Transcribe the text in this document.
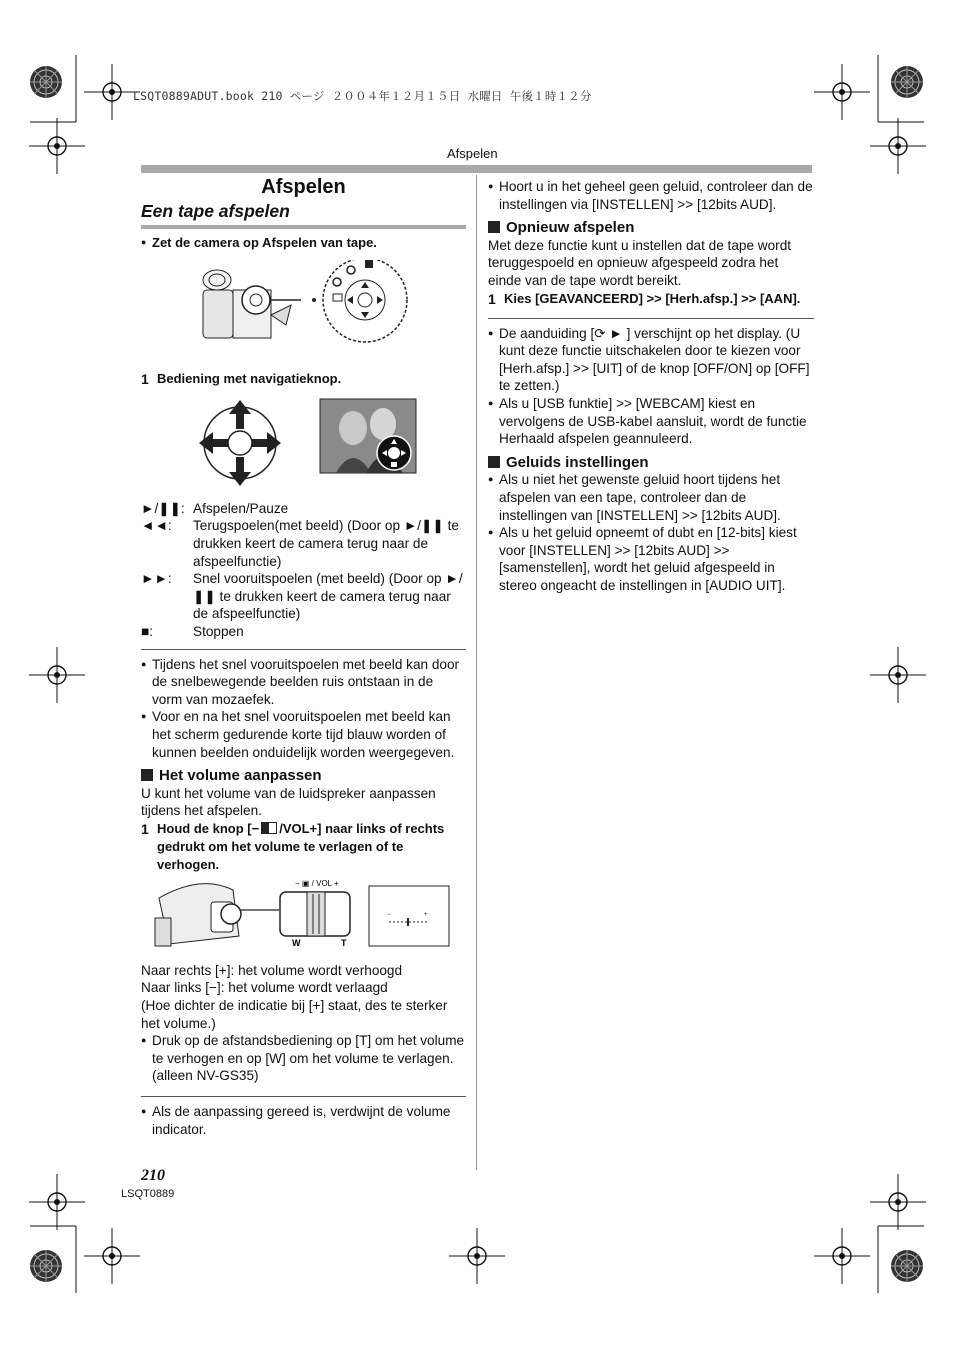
LSQT0889ADUT.book 210 ページ ２００４年１２月１５日 水曜日 午後１時１２分
Afspelen
Afspelen
Een tape afspelen
● Zet de camera op Afspelen van tape.
1 Bediening met navigatieknop.
►/❚❚: Afspelen/Pauze
◄◄:	Terugspoelen(met beeld) (Door op ►/❚❚ te drukken keert de camera terug naar de afspeelfunctie)
►►:	Snel vooruitspoelen (met beeld) (Door op ►/❚❚ te drukken keert de camera terug naar de afspeelfunctie)
■:	Stoppen
● Tijdens het snel vooruitspoelen met beeld kan door de snelbewegende beelden ruis ontstaan in de vorm van mozaefek.
● Voor en na het snel vooruitspoelen met beeld kan het scherm gedurende korte tijd blauw worden of kunnen beelden onduidelijk worden weergegeven.
Het volume aanpassen
U kunt het volume van de luidspreker aanpassen tijdens het afspelen.
1 Houd de knop [− /VOL+] naar links of rechts gedrukt om het volume te verlagen of te verhogen.
− ▣ / VOL +
W	T
−	+
Naar rechts [+]: het volume wordt verhoogd
Naar links [−]: het volume wordt verlaagd
(Hoe dichter de indicatie bij [+] staat, des te sterker het volume.)
● Druk op de afstandsbediening op [T] om het volume te verhogen en op [W] om het volume te verlagen. (alleen NV-GS35)
● Als de aanpassing gereed is, verdwijnt de volume indicator.
● Hoort u in het geheel geen geluid, controleer dan de instellingen via [INSTELLEN] >> [12bits AUD].
Opnieuw afspelen
Met deze functie kunt u instellen dat de tape wordt teruggespoeld en opnieuw afgespeeld zodra het einde van de tape wordt bereikt.
1 Kies [GEAVANCEERD] >> [Herh.afsp.] >> [AAN].
● De aanduiding [⟳ ► ] verschijnt op het display. (U kunt deze functie uitschakelen door te kiezen voor [Herh.afsp.] >> [UIT] of de knop [OFF/ON] op [OFF] te zetten.)
● Als u [USB funktie] >> [WEBCAM] kiest en vervolgens de USB-kabel aansluit, wordt de functie Herhaald afspelen geannuleerd.
Geluids instellingen
● Als u niet het gewenste geluid hoort tijdens het afspelen van een tape, controleer dan de instellingen van [INSTELLEN] >> [12bits AUD].
● Als u het geluid opneemt of dubt en [12-bits] kiest voor [INSTELLEN] >> [12bits AUD] >> [samenstellen], wordt het geluid afgespeeld in stereo ongeacht de instellingen in [AUDIO UIT].
210
LSQT0889
